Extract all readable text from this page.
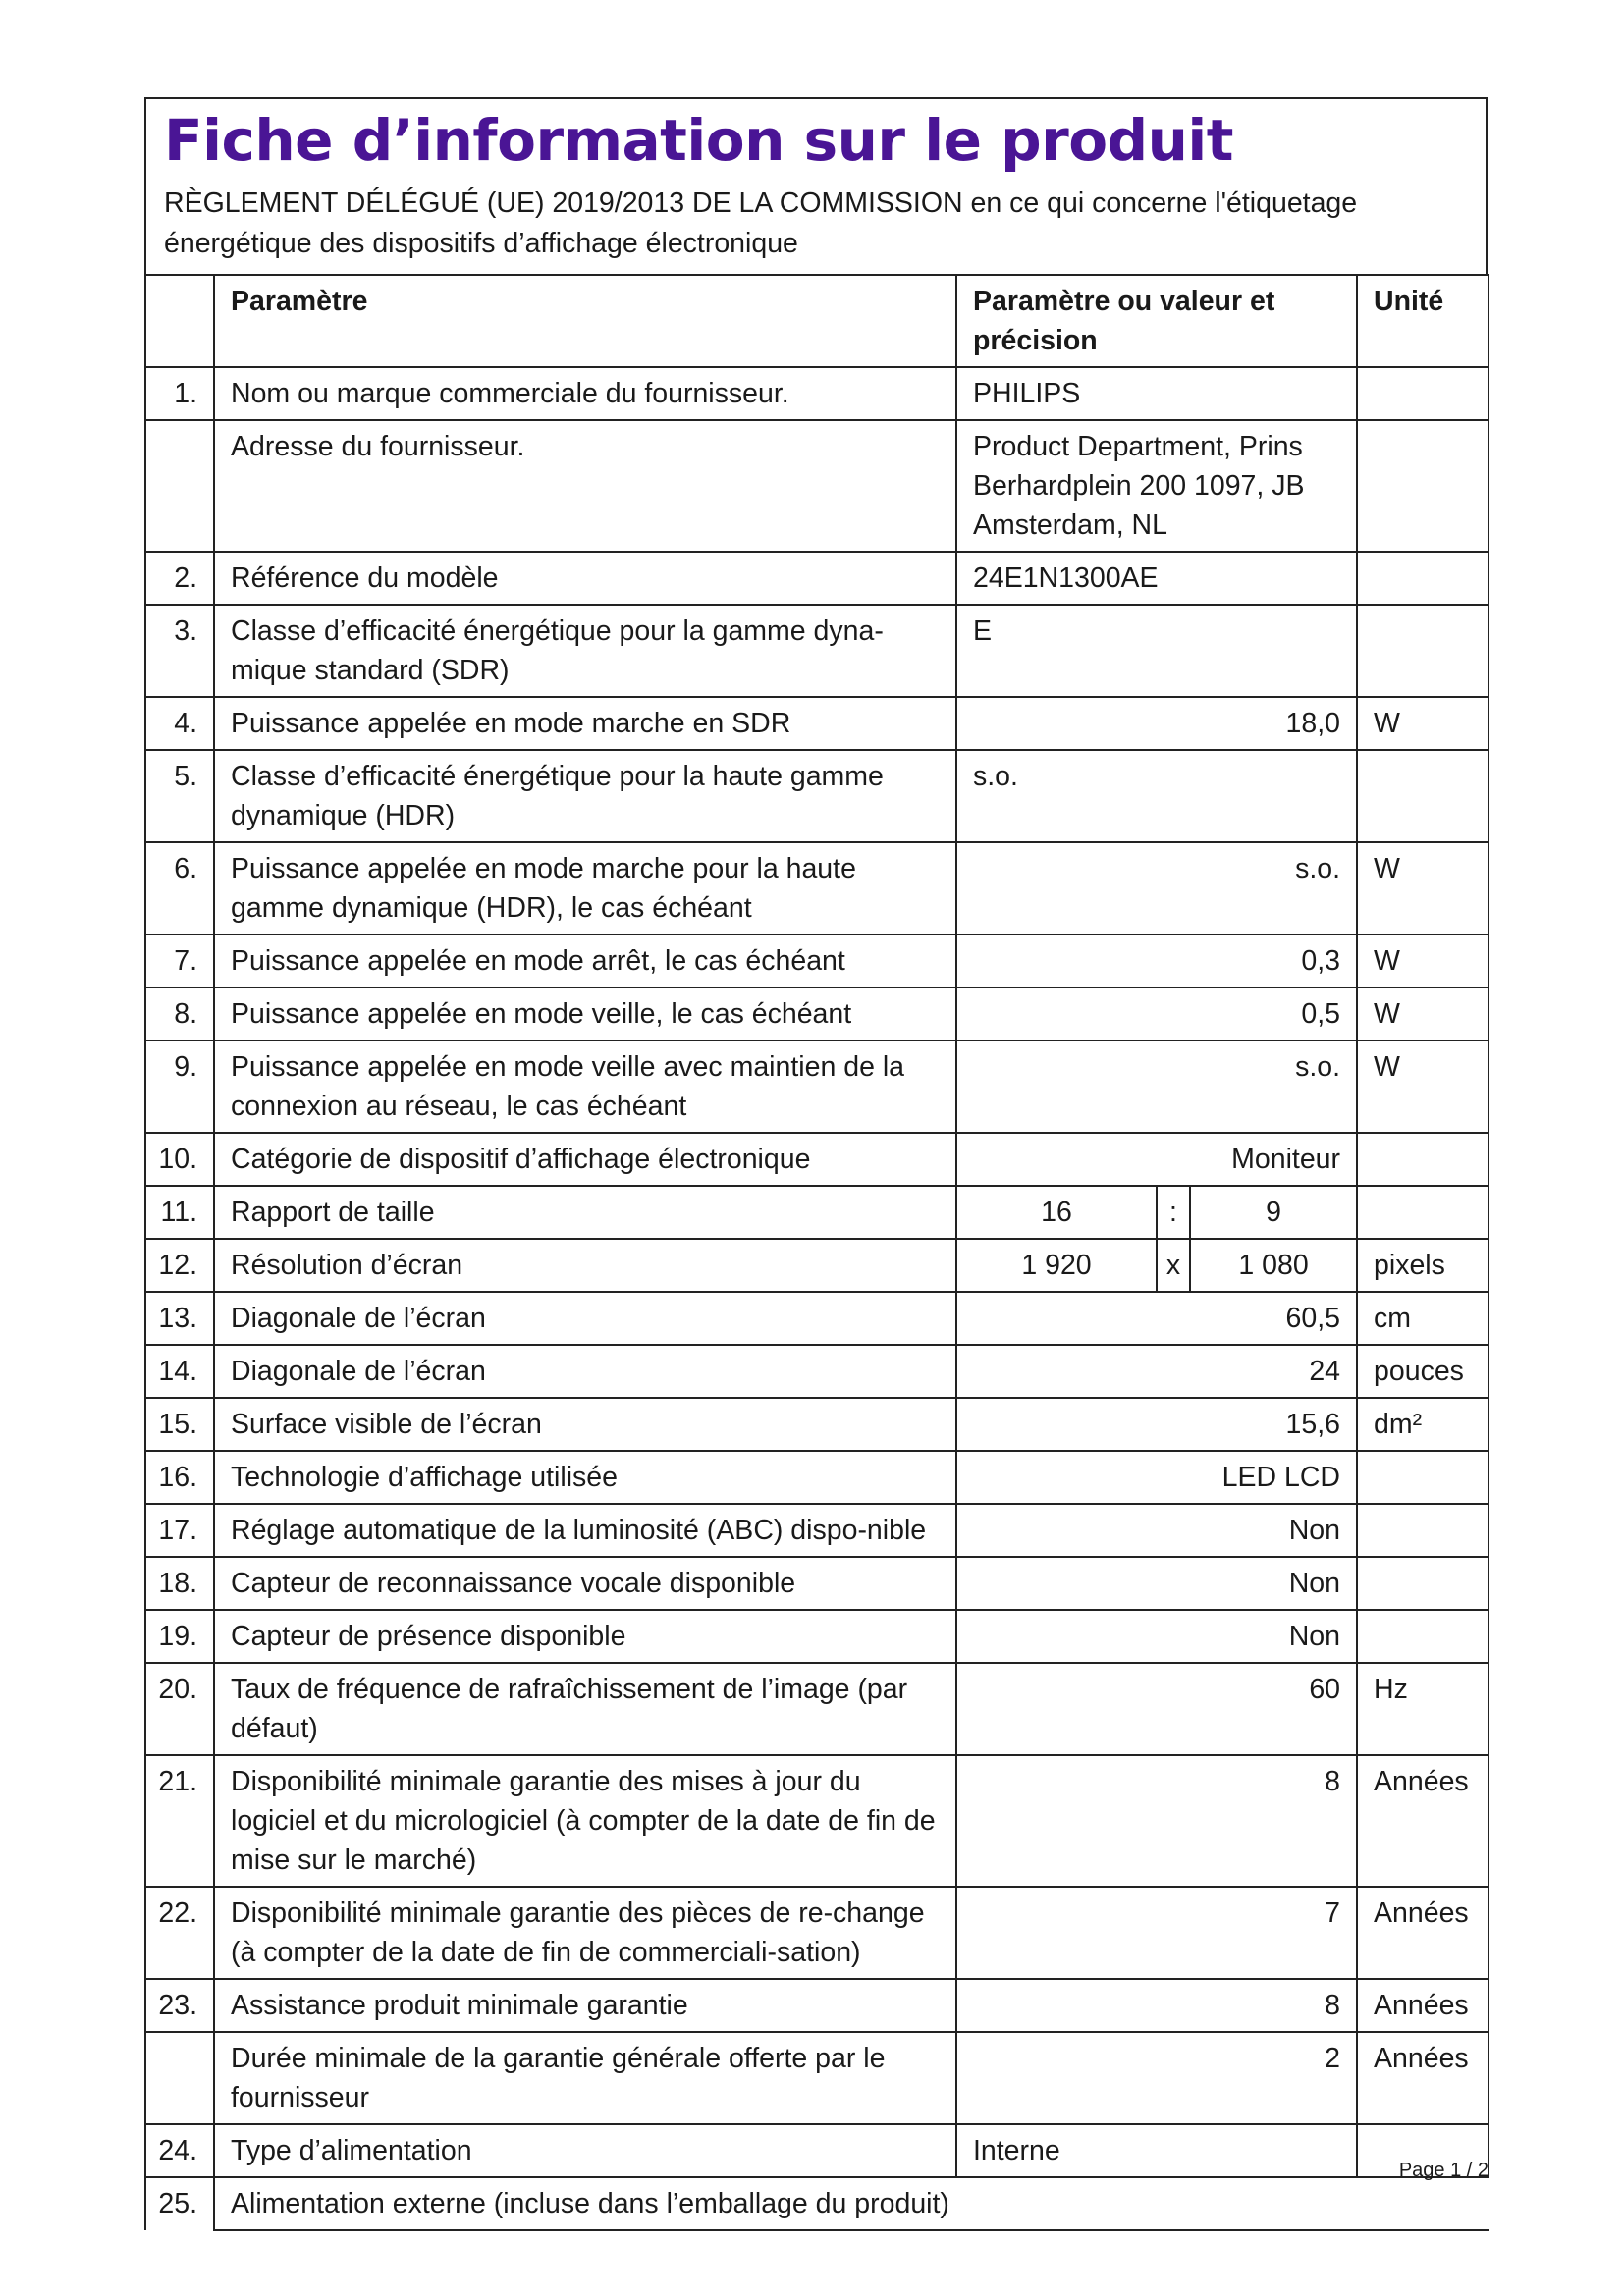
Fiche d’information sur le produit

RÈGLEMENT DÉLÉGUÉ (UE) 2019/2013 DE LA COMMISSION en ce qui concerne l'étiquetage énergétique des dispositifs d’affichage électronique

	Paramètre	Paramètre ou valeur et précision			Unité
1.	Nom ou marque commerciale du fournisseur.	PHILIPS			
	Adresse du fournisseur.	Product Department, Prins Berhardplein 200 1097, JB Amsterdam, NL			
2.	Référence du modèle	24E1N1300AE			
3.	Classe d’efficacité énergétique pour la gamme dyna-mique standard (SDR)	E			
4.	Puissance appelée en mode marche en SDR	18,0			W
5.	Classe d’efficacité énergétique pour la haute gamme dynamique (HDR)	s.o.			
6.	Puissance appelée en mode marche pour la haute gamme dynamique (HDR), le cas échéant	s.o.			W
7.	Puissance appelée en mode arrêt, le cas échéant	0,3			W
8.	Puissance appelée en mode veille, le cas échéant	0,5			W
9.	Puissance appelée en mode veille avec maintien de la connexion au réseau, le cas échéant	s.o.			W
10.	Catégorie de dispositif d’affichage électronique	Moniteur			
11.	Rapport de taille	16	:	9	
12.	Résolution d’écran	1 920	x	1 080	pixels
13.	Diagonale de l’écran	60,5			cm
14.	Diagonale de l’écran	24			pouces
15.	Surface visible de l’écran	15,6			dm²
16.	Technologie d’affichage utilisée	LED LCD			
17.	Réglage automatique de la luminosité (ABC) dispo-nible	Non			
18.	Capteur de reconnaissance vocale disponible	Non			
19.	Capteur de présence disponible	Non			
20.	Taux de fréquence de rafraîchissement de l’image (par défaut)	60			Hz
21.	Disponibilité minimale garantie des mises à jour du logiciel et du micrologiciel (à compter de la date de fin de mise sur le marché)	8			Années
22.	Disponibilité minimale garantie des pièces de re-change (à compter de la date de fin de commerciali-sation)	7			Années
23.	Assistance produit minimale garantie	8			Années
	Durée minimale de la garantie générale offerte par le fournisseur	2			Années
24.	Type d’alimentation	Interne			
25.	Alimentation externe (incluse dans l’emballage du produit)				
Page 1 / 2
